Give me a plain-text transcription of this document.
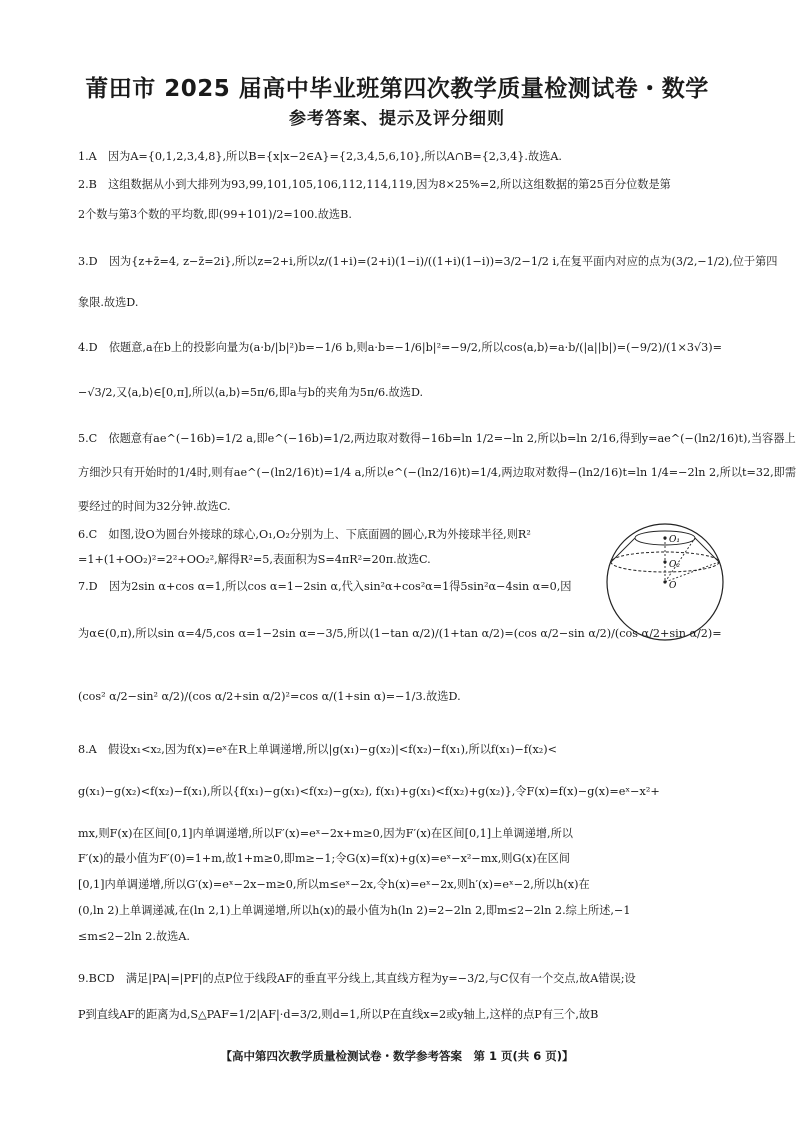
莆田市 2025 届高中毕业班第四次教学质量检测试卷・数学
参考答案、提示及评分细则
1.A　因为A={0,1,2,3,4,8},所以B={x|x−2∈A}={2,3,4,5,6,10},所以A∩B={2,3,4}.故选A.
2.B　这组数据从小到大排列为93,99,101,105,106,112,114,119,因为8×25%=2,所以这组数据的第25百分位数是第
2个数与第3个数的平均数,即(99+101)/2=100.故选B.
3.D　因为{z+z̄=4, z−z̄=2i},所以z=2+i,所以z/(1+i)=(2+i)(1−i)/((1+i)(1−i))=3/2−1/2 i,在复平面内对应的点为(3/2,−1/2),位于第四
象限.故选D.
4.D　依题意,a在b上的投影向量为(a·b/|b|²)b=−1/6 b,则a·b=−1/6|b|²=−9/2,所以cos⟨a,b⟩=a·b/(|a||b|)=(−9/2)/(1×3√3)=
−√3/2,又⟨a,b⟩∈[0,π],所以⟨a,b⟩=5π/6,即a与b的夹角为5π/6.故选D.
5.C　依题意有ae^(−16b)=1/2 a,即e^(−16b)=1/2,两边取对数得−16b=ln 1/2=−ln 2,所以b=ln 2/16,得到y=ae^(−(ln2/16)t),当容器上
方细沙只有开始时的1/4时,则有ae^(−(ln2/16)t)=1/4 a,所以e^(−(ln2/16)t)=1/4,两边取对数得−(ln2/16)t=ln 1/4=−2ln 2,所以t=32,即需
要经过的时间为32分钟.故选C.
6.C　如图,设O为圆台外接球的球心,O₁,O₂分别为上、下底面圆的圆心,R为外接球半径,则R²
=1+(1+OO₂)²=2²+OO₂²,解得R²=5,表面积为S=4πR²=20π.故选C.
7.D　因为2sin α+cos α=1,所以cos α=1−2sin α,代入sin²α+cos²α=1得5sin²α−4sin α=0,因
为α∈(0,π),所以sin α=4/5,cos α=1−2sin α=−3/5,所以(1−tan α/2)/(1+tan α/2)=(cos α/2−sin α/2)/(cos α/2+sin α/2)=
(cos² α/2−sin² α/2)/(cos α/2+sin α/2)²=cos α/(1+sin α)=−1/3.故选D.
8.A　假设x₁<x₂,因为f(x)=eˣ在R上单调递增,所以|g(x₁)−g(x₂)|<f(x₂)−f(x₁),所以f(x₁)−f(x₂)<
g(x₁)−g(x₂)<f(x₂)−f(x₁),所以{f(x₁)−g(x₁)<f(x₂)−g(x₂), f(x₁)+g(x₁)<f(x₂)+g(x₂)},令F(x)=f(x)−g(x)=eˣ−x²+
mx,则F(x)在区间[0,1]内单调递增,所以F′(x)=eˣ−2x+m≥0,因为F′(x)在区间[0,1]上单调递增,所以
F′(x)的最小值为F′(0)=1+m,故1+m≥0,即m≥−1;令G(x)=f(x)+g(x)=eˣ−x²−mx,则G(x)在区间
[0,1]内单调递增,所以G′(x)=eˣ−2x−m≥0,所以m≤eˣ−2x,令h(x)=eˣ−2x,则h′(x)=eˣ−2,所以h(x)在
(0,ln 2)上单调递减,在(ln 2,1)上单调递增,所以h(x)的最小值为h(ln 2)=2−2ln 2,即m≤2−2ln 2.综上所述,−1
≤m≤2−2ln 2.故选A.
9.BCD　满足|PA|=|PF|的点P位于线段AF的垂直平分线上,其直线方程为y=−3/2,与C仅有一个交点,故A错误;设
P到直线AF的距离为d,S△PAF=1/2|AF|·d=3/2,则d=1,所以P在直线x=2或y轴上,这样的点P有三个,故B
O₁
O₂
O
【高中第四次教学质量检测试卷・数学参考答案　第 1 页(共 6 页)】
